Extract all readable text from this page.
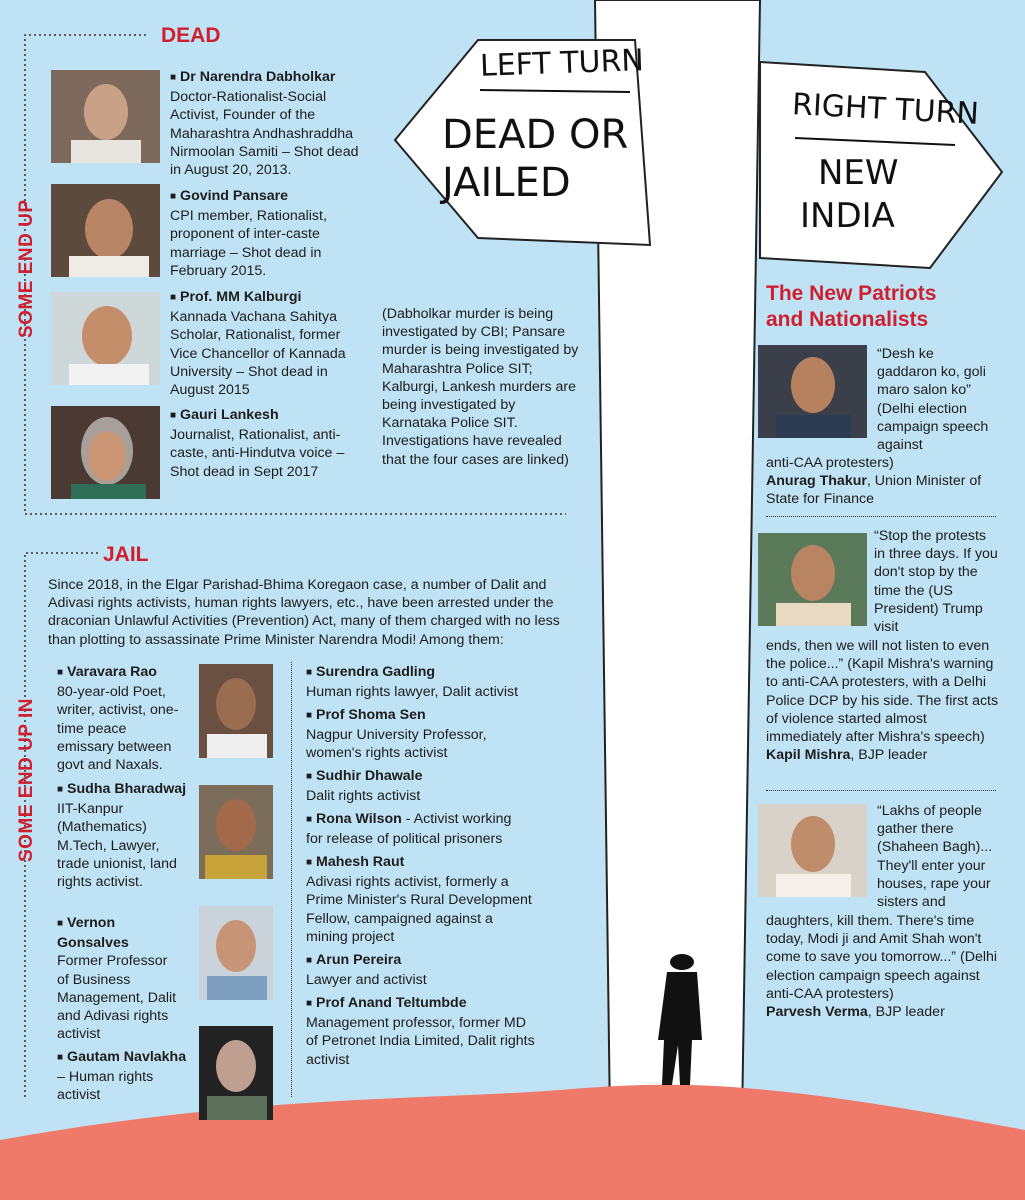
LEFT TURN
DEAD OR
JAILED
RIGHT TURN
NEW
INDIA
DEAD
SOME END UP
■ Dr Narendra Dabholkar
Doctor-Rationalist-Social Activist, Founder of the Maharashtra Andhashraddha Nirmoolan Samiti – Shot dead in August 20, 2013.
■ Govind Pansare
CPI member, Rationalist, proponent of inter-caste marriage – Shot dead in February 2015.
■ Prof. MM Kalburgi
Kannada Vachana Sahitya Scholar, Rationalist, former Vice Chancellor of Kannada University – Shot dead in August 2015
■ Gauri Lankesh
Journalist, Rationalist, anti-caste, anti-Hindutva voice – Shot dead in Sept 2017
(Dabholkar murder is being investigated by CBI; Pansare murder is being investigated by Maharashtra Police SIT; Kalburgi, Lankesh murders are being investigated by Karnataka Police SIT. Investigations have revealed that the four cases are linked)
JAIL
SOME END UP IN
Since 2018, in the Elgar Parishad-Bhima Koregaon case, a number of Dalit and Adivasi rights activists, human rights lawyers, etc., have been arrested under the draconian Unlawful Activities (Prevention) Act, many of them charged with no less than plotting to assassinate Prime Minister Narendra Modi! Among them:
■ Varavara Rao
80-year-old Poet, writer, activist, one-time peace emissary between govt and Naxals.
■ Sudha Bharadwaj
IIT-Kanpur (Mathematics) M.Tech, Lawyer, trade unionist, land rights activist.
■ Vernon Gonsalves
Former Professor of Business Management, Dalit and Adivasi rights activist
■ Gautam Navlakha – Human rights activist
■ Surendra Gadling
Human rights lawyer, Dalit activist
■ Prof Shoma Sen
Nagpur University Professor, women's rights activist
■ Sudhir Dhawale
Dalit rights activist
■ Rona Wilson - Activist working for release of political prisoners
■ Mahesh Raut
Adivasi rights activist, formerly a Prime Minister's Rural Development Fellow, campaigned against a mining project
■ Arun Pereira
Lawyer and activist
■ Prof Anand Teltumbde
Management professor, former MD of Petronet India Limited, Dalit rights activist
The New Patriots
and Nationalists
“Desh ke gaddaron ko, goli maro salon ko” (Delhi election campaign speech against
anti-CAA protesters)
Anurag Thakur, Union Minister of State for Finance
“Stop the protests in three days. If you don't stop by the time the (US President) Trump visit
ends, then we will not listen to even the police...” (Kapil Mishra's warning to anti-CAA protesters, with a Delhi Police DCP by his side. The first acts of violence started almost immediately after Mishra's speech)
Kapil Mishra, BJP leader
“Lakhs of people gather there (Shaheen Bagh)... They'll enter your houses, rape your sisters and
daughters, kill them. There's time today, Modi ji and Amit Shah won't come to save you tomorrow...” (Delhi election campaign speech against anti-CAA protesters)
Parvesh Verma, BJP leader
